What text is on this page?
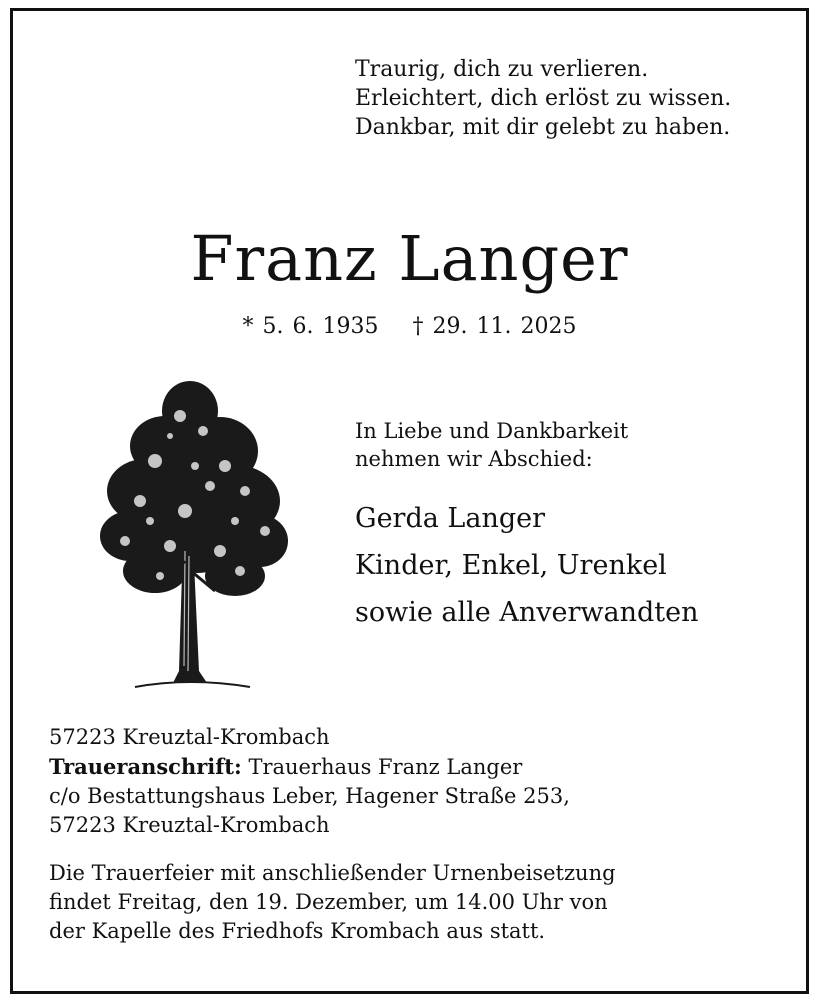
Traurig, dich zu verlieren.
Erleichtert, dich erlöst zu wissen.
Dankbar, mit dir gelebt zu haben.
Franz Langer
* 5. 6. 1935 † 29. 11. 2025
In Liebe und Dankbarkeit
nehmen wir Abschied:
Gerda Langer
Kinder, Enkel, Urenkel
sowie alle Anverwandten
57223 Kreuztal-Krombach
Traueranschrift: Trauerhaus Franz Langer
c/o Bestattungshaus Leber, Hagener Straße 253,
57223 Kreuztal-Krombach
Die Trauerfeier mit anschließender Urnenbeisetzung
findet Freitag, den 19. Dezember, um 14.00 Uhr von
der Kapelle des Friedhofs Krombach aus statt.
